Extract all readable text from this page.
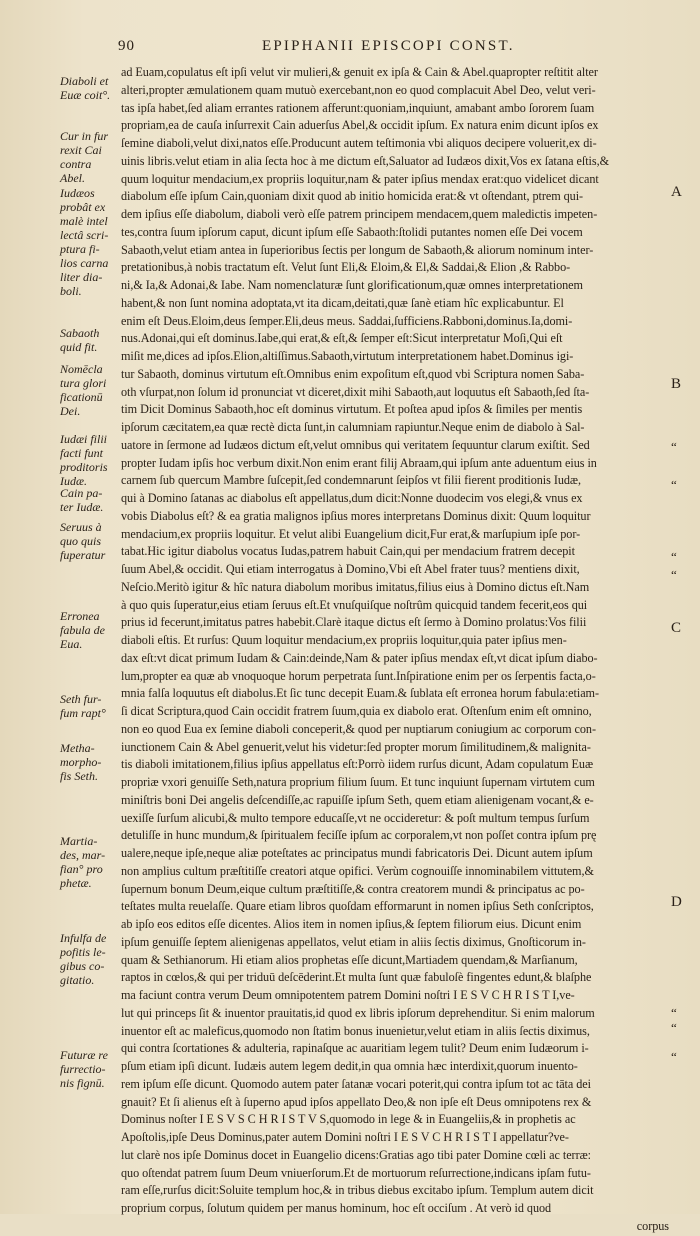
90	EPIPHANII EPISCOPI CONST.
Diaboli et
Euæ coit°.
Cur in fur
rexit Cai
contra
Abel.
Iudæos
probât ex
malè intel
lectâ scri-
ptura fi-
lios carna
liter dia-
boli.
Sabaoth
quid fit.
Nomēcla
tura glori
ficationū
Dei.
Iudæi filii
facti funt
proditoris
Iudæ.
Cain pa-
ter Iudæ.
Seruus à
quo quis
fuperatur
Erronea
fabula de
Eua.
Seth fur-
fum rapt°
Metha-
morpho-
fis Seth.
Martia-
des, mar-
fian° pro
phetæ.
Infulfa de
pofitis le-
gibus co-
gitatio.
Futuræ re
furrectio-
nis fignū.
ad Euam,copulatus eſt ipſi velut vir mulieri,& genuit ex ipſa & Cain & Abel.quapropter reſtitit alter
alteri,propter æmulationem quam mutuò exercebant,non eo quod complacuit Abel Deo, velut veri-
tas ipſa habet,ſed aliam errantes rationem afferunt:quoniam,inquiunt, amabant ambo ſororem ſuam
propriam,ea de cauſa inſurrexit Cain aduerſus Abel,& occidit ipſum. Ex natura enim dicunt ipſos ex
ſemine diaboli,velut dixi,natos eſſe.Producunt autem teſtimonia vbi aliquos decipere voluerit,ex di-
uinis libris.velut etiam in alia ſecta hoc à me dictum eſt,Saluator ad Iudæos dixit,Vos ex ſatana eſtis,&
quum loquitur mendacium,ex propriis loquitur,nam & pater ipſius mendax erat:quo videlicet dicant
diabolum eſſe ipſum Cain,quoniam dixit quod ab initio homicida erat:& vt oſtendant, ptrem qui-
dem ipſius eſſe diabolum, diaboli verò eſſe patrem principem mendacem,quem maledictis impeten-
tes,contra ſuum ipſorum caput, dicunt ipſum eſſe Sabaoth:ſtolidi putantes nomen eſſe Dei vocem
Sabaoth,velut etiam antea in ſuperioribus ſectis per longum de Sabaoth,& aliorum nominum inter-
pretationibus,à nobis tractatum eſt. Velut ſunt Eli,& Eloim,& El,& Saddai,& Elion ,& Rabbo-
ni,& Ia,& Adonai,& Iabe. Nam nomenclaturæ ſunt glorificationum,quæ omnes interpretationem
habent,& non ſunt nomina adoptata,vt ita dicam,deitati,quæ ſanè etiam hîc explicabuntur. El
enim eſt Deus.Eloim,deus ſemper.Eli,deus meus. Saddai,ſufficiens.Rabboni,dominus.Ia,domi-
nus.Adonai,qui eſt dominus.Iabe,qui erat,& eſt,& ſemper eſt:Sicut interpretatur Moſi,Qui eſt
miſit me,dices ad ipſos.Elion,altiſſimus.Sabaoth,virtutum interpretationem habet.Dominus igi-
tur Sabaoth, dominus virtutum eſt.Omnibus enim expoſitum eſt,quod vbi Scriptura nomen Saba-
oth vſurpat,non ſolum id pronunciat vt diceret,dixit mihi Sabaoth,aut loquutus eſt Sabaoth,ſed ſta-
tim Dicit Dominus Sabaoth,hoc eſt dominus virtutum. Et poſtea apud ipſos & ſimiles per mentis
ipſorum cæcitatem,ea quæ rectè dicta ſunt,in calumniam rapiuntur.Neque enim de diabolo à Sal-
uatore in ſermone ad Iudæos dictum eſt,velut omnibus qui veritatem ſequuntur clarum exiſtit. Sed
propter Iudam ipſis hoc verbum dixit.Non enim erant filij Abraam,qui ipſum ante aduentum eius in
carnem ſub quercum Mambre ſuſcepit,ſed condemnarunt ſeipſos vt filii fierent proditionis Iudæ,
qui à Domino ſatanas ac diabolus eſt appellatus,dum dicit:Nonne duodecim vos elegi,& vnus ex
vobis Diabolus eſt? & ea gratia malignos ipſius mores interpretans Dominus dixit: Quum loquitur
mendacium,ex propriis loquitur. Et velut alibi Euangelium dicit,Fur erat,& marſupium ipſe por-
tabat.Hic igitur diabolus vocatus Iudas,patrem habuit Cain,qui per mendacium fratrem decepit
ſuum Abel,& occidit. Qui etiam interrogatus à Domino,Vbi eſt Abel frater tuus? mentiens dixit,
Neſcio.Meritò igitur & hîc natura diabolum moribus imitatus,filius eius à Domino dictus eſt.Nam
à quo quis ſuperatur,eius etiam ſeruus eſt.Et vnuſquiſque noſtrûm quicquid tandem fecerit,eos qui
prius id fecerunt,imitatus patres habebit.Clarè itaque dictus eſt ſermo à Domino prolatus:Vos filii
diaboli eſtis. Et rurſus: Quum loquitur mendacium,ex propriis loquitur,quia pater ipſius men-
dax eſt:vt dicat primum Iudam & Cain:deinde,Nam & pater ipſius mendax eſt,vt dicat ipſum diabo-
lum,propter ea quæ ab vnoquoque horum perpetrata ſunt.Inſpiratione enim per os ſerpentis facta,o-
mnia falſa loquutus eſt diabolus.Et ſic tunc decepit Euam.& ſublata eſt erronea horum fabula:etiam-
ſi dicat Scriptura,quod Cain occidit fratrem ſuum,quia ex diabolo erat. Oſtenſum enim eſt omnino,
non eo quod Eua ex ſemine diaboli conceperit,& quod per nuptiarum coniugium ac corporum con-
iunctionem Cain & Abel genuerit,velut his videtur:ſed propter morum ſimilitudinem,& malignita-
tis diaboli imitationem,filius ipſius appellatus eſt:Porrò iidem rurſus dicunt, Adam copulatum Euæ
propriæ vxori genuiſſe Seth,natura proprium filium ſuum. Et tunc inquiunt ſupernam virtutem cum
miniſtris boni Dei angelis deſcendiſſe,ac rapuiſſe ipſum Seth, quem etiam alienigenam vocant,& e-
uexiſſe ſurſum alicubi,& multo tempore educaſſe,vt ne occideretur: & poſt multum tempus ſurſum
detuliſſe in hunc mundum,& ſpiritualem feciſſe ipſum ac corporalem,vt non poſſet contra ipſum prę
ualere,neque ipſe,neque aliæ poteſtates ac principatus mundi fabricatoris Dei. Dicunt autem ipſum
non amplius cultum præſtitiſſe creatori atque opifici. Verùm cognouiſſe innominabilem vittutem,&
ſupernum bonum Deum,eique cultum præſtitiſſe,& contra creatorem mundi & principatus ac po-
teſtates multa reuelaſſe. Quare etiam libros quoſdam efformarunt in nomen ipſius Seth conſcriptos,
ab ipſo eos editos eſſe dicentes. Alios item in nomen ipſius,& ſeptem filiorum eius. Dicunt enim
ipſum genuiſſe ſeptem alienigenas appellatos, velut etiam in aliis ſectis diximus, Gnoſticorum in-
quam & Sethianorum. Hi etiam alios prophetas eſſe dicunt,Martiadem quendam,& Marſianum,
raptos in cœlos,& qui per triduū deſcēderint.Et multa ſunt quæ fabuloſè fingentes edunt,& blaſphe
ma faciunt contra verum Deum omnipotentem patrem Domini noſtri I E S V C H R I S T I,ve-
lut qui princeps ſit & inuentor prauitatis,id quod ex libris ipſorum deprehenditur. Si enim malorum
inuentor eſt ac maleficus,quomodo non ſtatim bonus inuenietur,velut etiam in aliis ſectis diximus,
qui contra ſcortationes & adulteria, rapinaſque ac auaritiam legem tulit? Deum enim Iudæorum i-
pſum etiam ipſi dicunt. Iudæis autem legem dedit,in qua omnia hæc interdixit,quorum inuento-
rem ipſum eſſe dicunt. Quomodo autem pater ſatanæ vocari poterit,qui contra ipſum tot ac tāta dei
gnauit? Et ſi alienus eſt à ſuperno apud ipſos appellato Deo,& non ipſe eſt Deus omnipotens rex &
Dominus noſter I E S V S C H R I S T V S,quomodo in lege & in Euangeliis,& in prophetis ac
Apoſtolis,ipſe Deus Dominus,pater autem Domini noſtri I E S V C H R I S T I appellatur?ve-
lut clarè nos ipſe Dominus docet in Euangelio dicens:Gratias ago tibi pater Domine cœli ac terræ:
quo oſtendat patrem ſuum Deum vniuerſorum.Et de mortuorum reſurrectione,indicans ipſam futu-
ram eſſe,rurſus dicit:Soluite templum hoc,& in tribus diebus excitabo ipſum. Templum autem dicit
proprium corpus, ſolutum quidem per manus hominum, hoc eſt occiſum . At verò id quod
corpus
A
B
“
“
“
“
C
D
“
“
“
